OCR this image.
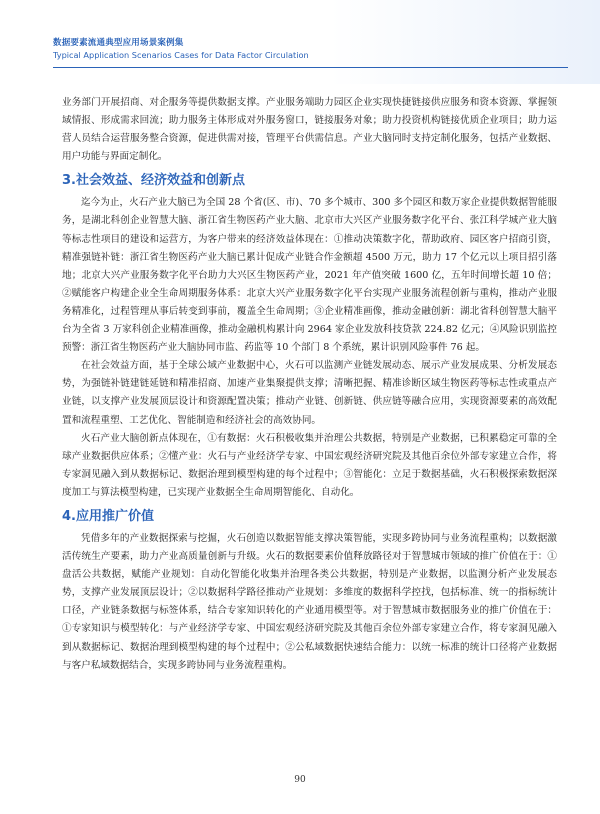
数据要素流通典型应用场景案例集
Typical Application Scenarios Cases for Data Factor Circulation

业务部门开展招商、对企服务等提供数据支撑。产业服务端助力园区企业实现快捷链接供应服务和资本资源、掌握领域情报、形成需求回流；助力服务主体形成对外服务窗口，链接服务对象；助力投资机构链接优质企业项目；助力运营人员结合运营服务整合资源，促进供需对接，管理平台供需信息。产业大脑同时支持定制化服务，包括产业数据、用户功能与界面定制化。

3.社会效益、经济效益和创新点

迄今为止，火石产业大脑已为全国 28 个省(区、市)、70 多个城市、300 多个园区和数万家企业提供数据智能服务，是湖北科创企业智慧大脑、浙江省生物医药产业大脑、北京市大兴区产业服务数字化平台、张江科学城产业大脑等标志性项目的建设和运营方，为客户带来的经济效益体现在：①推动决策数字化，帮助政府、园区客户招商引资，精准强链补链：浙江省生物医药产业大脑已累计促成产业链合作金额超 4500 万元，助力 17 个亿元以上项目招引落地；北京大兴产业服务数字化平台助力大兴区生物医药产业，2021 年产值突破 1600 亿，五年时间增长超 10 倍；②赋能客户构建企业全生命周期服务体系：北京大兴产业服务数字化平台实现产业服务流程创新与重构，推动产业服务精准化，过程管理从事后转变到事前，覆盖全生命周期；③企业精准画像，推动金融创新：湖北省科创智慧大脑平台为全省 3 万家科创企业精准画像，推动金融机构累计向 2964 家企业发放科技贷款 224.82 亿元；④风险识别监控预警：浙江省生物医药产业大脑协同市监、药监等 10 个部门 8 个系统，累计识别风险事件 76 起。

在社会效益方面，基于全球公域产业数据中心，火石可以监测产业链发展动态、展示产业发展成果、分析发展态势，为强链补链建链延链和精准招商、加速产业集聚提供支撑；清晰把握、精准诊断区域生物医药等标志性或重点产业链，以支撑产业发展顶层设计和资源配置决策；推动产业链、创新链、供应链等融合应用，实现资源要素的高效配置和流程重塑、工艺优化、智能制造和经济社会的高效协同。

火石产业大脑创新点体现在，①有数据：火石积极收集并治理公共数据，特别是产业数据，已积累稳定可靠的全球产业数据供应体系；②懂产业：火石与产业经济学专家、中国宏观经济研究院及其他百余位外部专家建立合作，将专家洞见融入到从数据标记、数据治理到模型构建的每个过程中；③智能化：立足于数据基础，火石积极探索数据深度加工与算法模型构建，已实现产业数据全生命周期智能化、自动化。

4.应用推广价值

凭借多年的产业数据探索与挖掘，火石创造以数据智能支撑决策智能，实现多跨协同与业务流程重构；以数据激活传统生产要素，助力产业高质量创新与升级。火石的数据要素价值释放路径对于智慧城市领域的推广价值在于：①盘活公共数据，赋能产业规划：自动化智能化收集并治理各类公共数据，特别是产业数据，以监测分析产业发展态势，支撑产业发展顶层设计；②以数据科学路径推动产业规划：多维度的数据科学控找，包括标准、统一的指标统计口径，产业链条数据与标签体系，结合专家知识转化的产业通用模型等。对于智慧城市数据服务业的推广价值在于：①专家知识与模型转化：与产业经济学专家、中国宏观经济研究院及其他百余位外部专家建立合作，将专家洞见融入到从数据标记、数据治理到模型构建的每个过程中；②公私域数据快速结合能力：以统一标准的统计口径将产业数据与客户私域数据结合，实现多跨协同与业务流程重构。

90
